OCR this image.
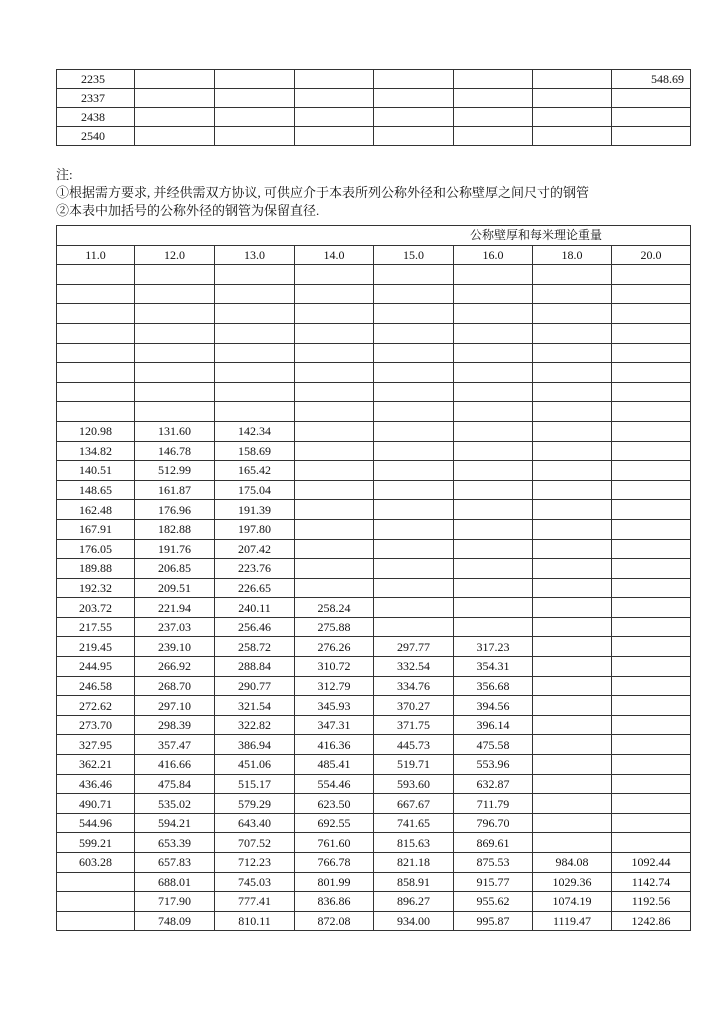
2235							548.69
2337							
2438							
2540							
注:
①根据需方要求, 并经供需双方协议, 可供应介于本表所列公称外径和公称壁厚之间尺寸的钢管
②本表中加括号的公称外径的钢管为保留直径.
公称壁厚和每米理论重量							
11.0	12.0	13.0	14.0	15.0	16.0	18.0	20.0

120.98	131.60	142.34					
134.82	146.78	158.69					
140.51	512.99	165.42					
148.65	161.87	175.04					
162.48	176.96	191.39					
167.91	182.88	197.80					
176.05	191.76	207.42					
189.88	206.85	223.76					
192.32	209.51	226.65					
203.72	221.94	240.11	258.24				
217.55	237.03	256.46	275.88				
219.45	239.10	258.72	276.26	297.77	317.23		
244.95	266.92	288.84	310.72	332.54	354.31		
246.58	268.70	290.77	312.79	334.76	356.68		
272.62	297.10	321.54	345.93	370.27	394.56		
273.70	298.39	322.82	347.31	371.75	396.14		
327.95	357.47	386.94	416.36	445.73	475.58		
362.21	416.66	451.06	485.41	519.71	553.96		
436.46	475.84	515.17	554.46	593.60	632.87		
490.71	535.02	579.29	623.50	667.67	711.79		
544.96	594.21	643.40	692.55	741.65	796.70		
599.21	653.39	707.52	761.60	815.63	869.61		
603.28	657.83	712.23	766.78	821.18	875.53	984.08	1092.44
	688.01	745.03	801.99	858.91	915.77	1029.36	1142.74
	717.90	777.41	836.86	896.27	955.62	1074.19	1192.56
	748.09	810.11	872.08	934.00	995.87	1119.47	1242.86
